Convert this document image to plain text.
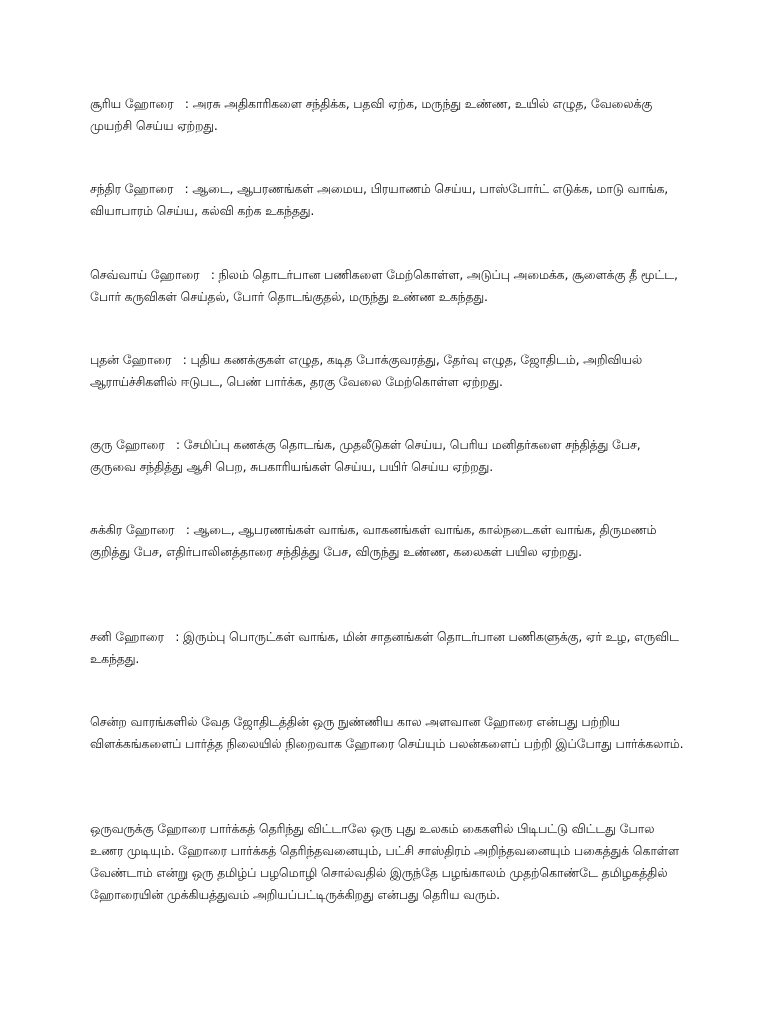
சூரிய ஹோரை   : அரசு அதிகாரிகளை சந்திக்க, பதவி ஏற்க, மருந்து உண்ண, உயில் எழுத, வேலைக்கு முயற்சி செய்ய ஏற்றது.

சந்திர ஹோரை   : ஆடை, ஆபரணங்கள் அமைய, பிரயாணம் செய்ய, பாஸ்போர்ட் எடுக்க, மாடு வாங்க, வியாபாரம் செய்ய, கல்வி கற்க உகந்தது.

செவ்வாய் ஹோரை   : நிலம் தொடர்பான பணிகளை மேற்கொள்ள, அடுப்பு அமைக்க, சூளைக்கு தீ மூட்ட, போர் கருவிகள் செய்தல், போர் தொடங்குதல், மருந்து உண்ண உகந்தது.

புதன் ஹோரை   : புதிய கணக்குகள் எழுத, கடித போக்குவரத்து, தேர்வு எழுத, ஜோதிடம், அறிவியல் ஆராய்ச்சிகளில் ஈடுபட, பெண் பார்க்க, தரகு வேலை மேற்கொள்ள ஏற்றது.

குரு ஹோரை   : சேமிப்பு கணக்கு தொடங்க, முதலீடுகள் செய்ய, பெரிய மனிதர்களை சந்தித்து பேச, குருவை சந்தித்து ஆசி பெற, சுபகாரியங்கள் செய்ய, பயிர் செய்ய ஏற்றது.

சுக்கிர ஹோரை   : ஆடை, ஆபரணங்கள் வாங்க, வாகனங்கள் வாங்க, கால்நடைகள் வாங்க, திருமணம் குறித்து பேச, எதிர்பாலினத்தாரை சந்தித்து பேச, விருந்து உண்ண, கலைகள் பயில ஏற்றது.

சனி ஹோரை   : இரும்பு பொருட்கள் வாங்க, மின் சாதனங்கள் தொடர்பான பணிகளுக்கு, ஏர் உழ, எருவிட உகந்தது.

சென்ற வாரங்களில் வேத ஜோதிடத்தின் ஒரு நுண்ணிய கால அளவான ஹோரை என்பது பற்றிய விளக்கங்களைப் பார்த்த நிலையில் நிறைவாக ஹோரை செய்யும் பலன்களைப் பற்றி இப்போது பார்க்கலாம்.

ஒருவருக்கு ஹோரை பார்க்கத் தெரிந்து விட்டாலே ஒரு புது உலகம் கைகளில் பிடிபட்டு விட்டது போல உணர முடியும். ஹோரை பார்க்கத் தெரிந்தவனையும், பட்சி சாஸ்திரம் அறிந்தவனையும் பகைத்துக் கொள்ள வேண்டாம் என்று ஒரு தமிழ்ப் பழமொழி சொல்வதில் இருந்தே பழங்காலம் முதற்கொண்டே தமிழகத்தில் ஹோரையின் முக்கியத்துவம் அறியப்பட்டிருக்கிறது என்பது தெரிய வரும்.
